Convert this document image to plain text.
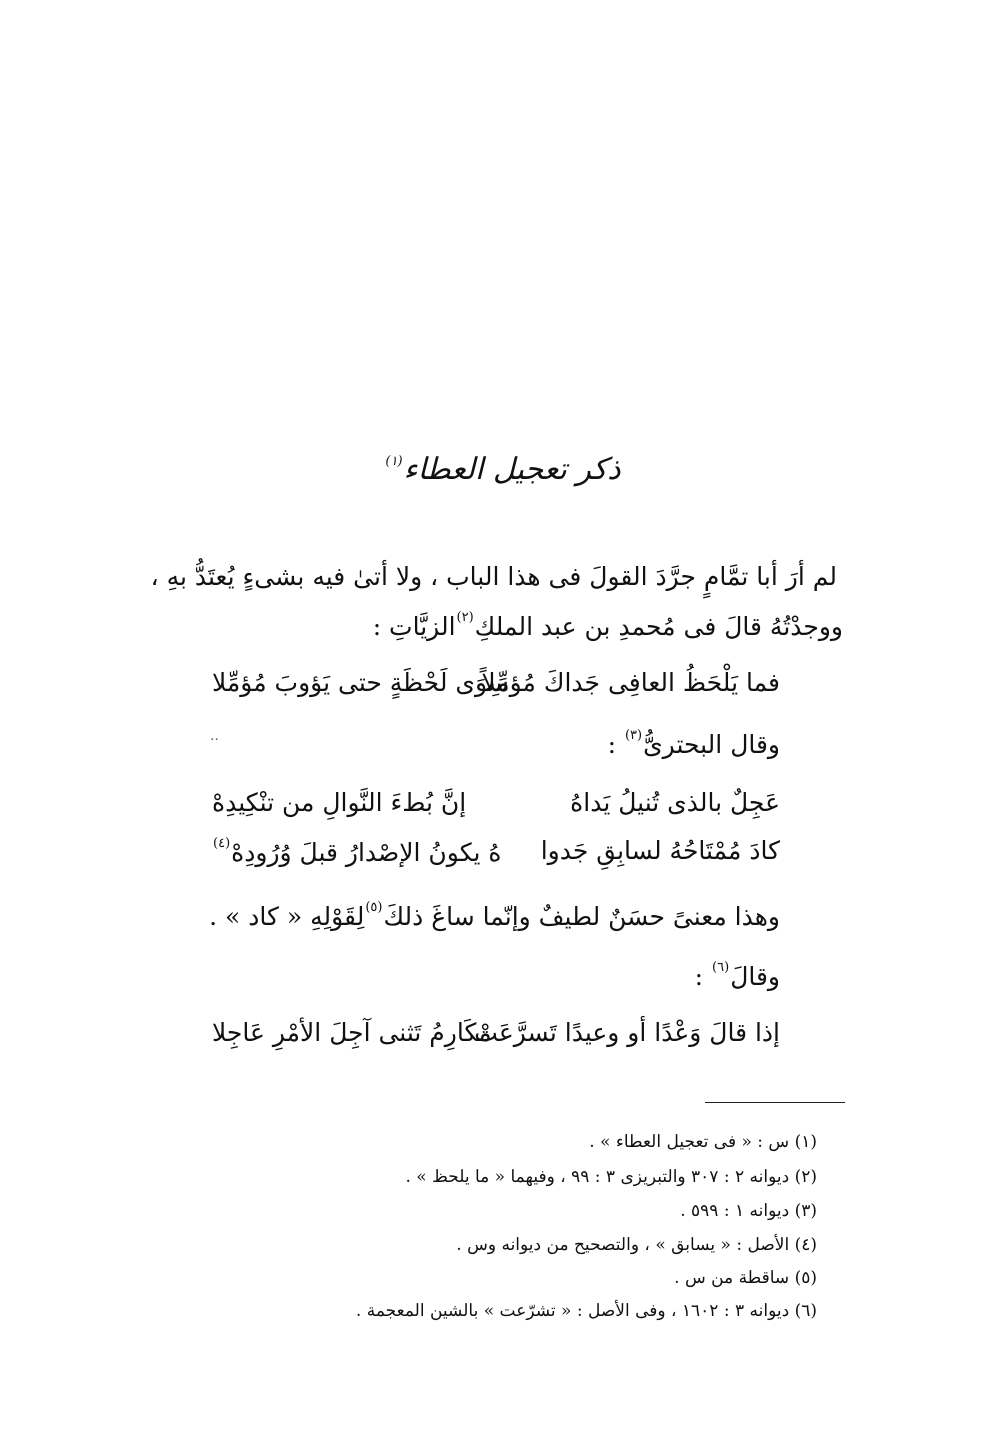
ذكر تعجيل العطاء$^{(١)}$
لم أرَ أبا تمَّامٍ جرَّدَ القولَ فى هذا الباب ، ولا أتىٰ فيه بشىءٍ يُعتَدُّ بهِ ،
ووجدْتُهُ قالَ فى مُحمدِ بن عبد الملكِ$^{(٢)}$الزيَّاتِ :
فما يَلْحَظُ العافِى جَداكَ مُؤمِّلاً
سِوَى لَحْظَةٍ حتى يَؤوبَ مُؤمِّلا
..	وقال البحترىُّ$^{(٣)}$ :
عَجِلٌ بالذى تُنيلُ يَداهُ
إنَّ بُطءَ النَّوالِ من تنْكِيدِهْ
كادَ مُمْتَاحُهُ لسابِقِ جَدوا
هُ يكونُ الإصْدارُ قبلَ وُرُودِهْ$^{(٤)}$
وهذا معنىً حسَنٌ لطيفٌ وإنّما ساغَ ذلكَ$^{(٥)}$لِقَوْلِهِ « كاد » .
وقالَ$^{(٦)}$ :
إذا قالَ وَعْدًا أو وعيدًا تَسرَّعَتْ
مكَارِمُ تَثنى آجِلَ الأمْرِ عَاجِلا
(١) س : « فى تعجيل العطاء » .
(٢) ديوانه ٢ : ٣٠٧ والتبريزى ٣ : ٩٩ ، وفيهما « ما يلحظ » .
(٣) ديوانه ١ : ٥٩٩ .
(٤) الأصل : « يسابق » ، والتصحيح من ديوانه وس .
(٥) ساقطة من س .
(٦) ديوانه ٣ : ١٦٠٢ ، وفى الأصل : « تشرّعت » بالشين المعجمة .
